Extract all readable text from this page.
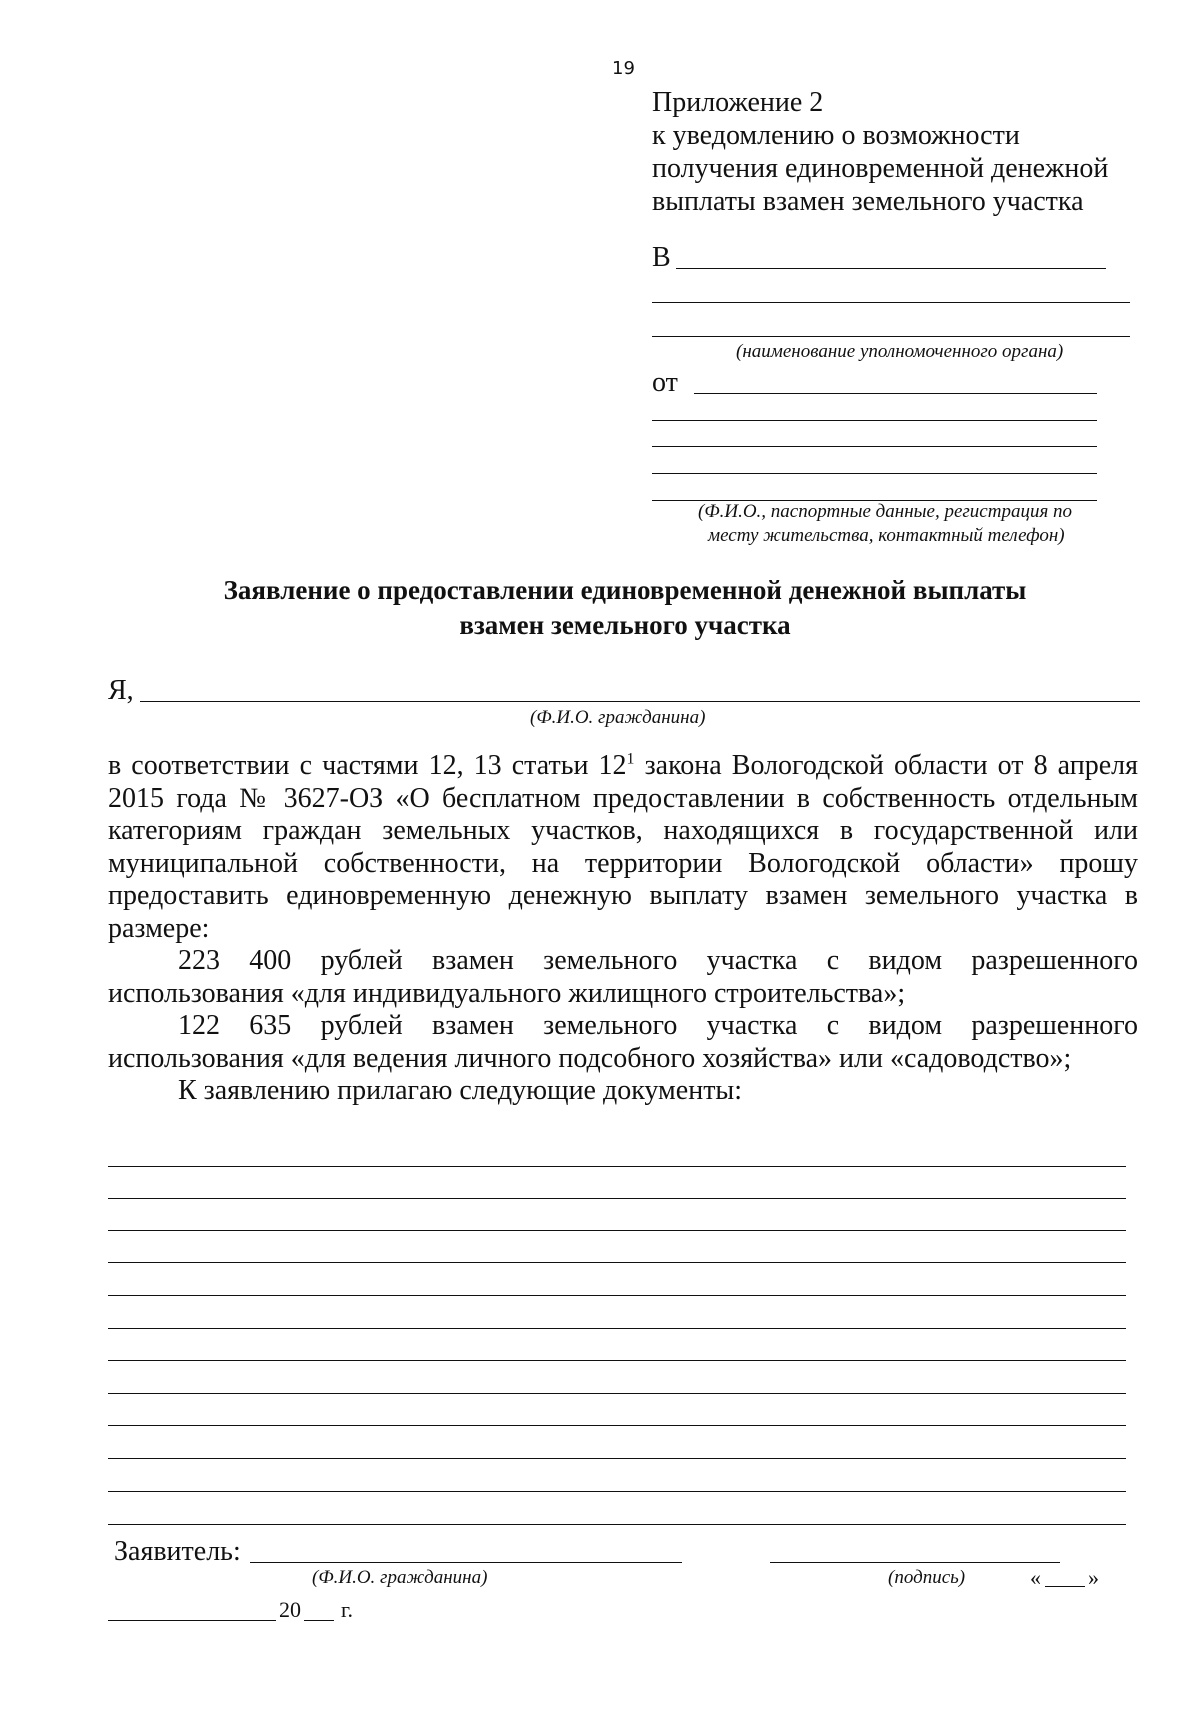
19
Приложение 2
к уведомлению о возможности
получения единовременной денежной
выплаты взамен земельного участка
В
(наименование уполномоченного органа)
от
(Ф.И.О., паспортные данные, регистрация по
месту жительства, контактный телефон)
Заявление о предоставлении единовременной денежной выплаты
взамен земельного участка
Я,
(Ф.И.О. гражданина)
в соответствии с частями 12, 13 статьи $12^1$ закона Вологодской области от 8 апреля
2015 года № 3627-ОЗ «О бесплатном предоставлении в собственность отдельным
категориям граждан земельных участков, находящихся в государственной или
муниципальной собственности, на территории Вологодской области» прошу
предоставить единовременную денежную выплату взамен земельного участка в
размере:
223 400 рублей взамен земельного участка с видом разрешенного
использования «для индивидуального жилищного строительства»;
122 635 рублей взамен земельного участка с видом разрешенного
использования «для ведения личного подсобного хозяйства» или «садоводство»;
К заявлению прилагаю следующие документы:
Заявитель:
(Ф.И.О. гражданина)	(подпись)	« »
20 г.
